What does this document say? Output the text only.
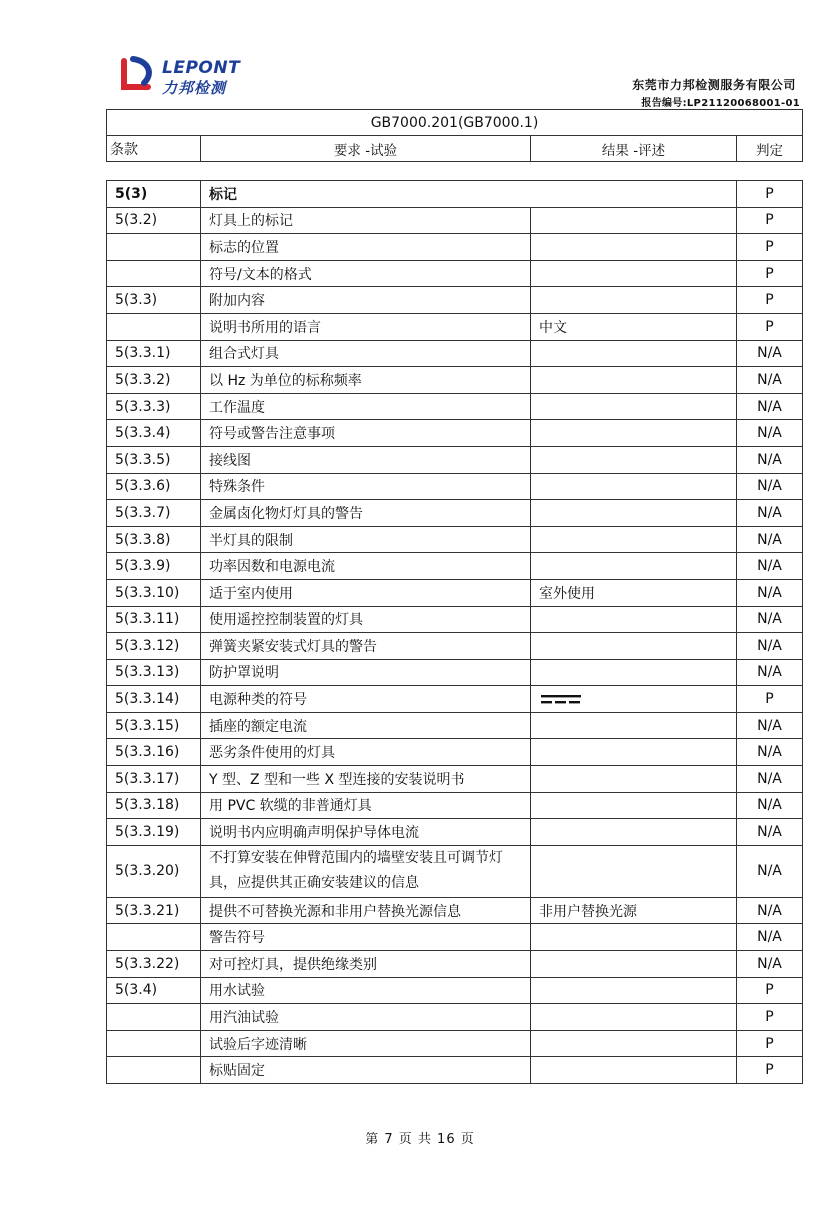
LEPONT
力邦检测	东莞市力邦检测服务有限公司
报告编号:LP21120068001-01
GB7000.201(GB7000.1)
条款	要求 -试验	结果 -评述	判定
5(3)	标记		P
5(3.2)	灯具上的标记		P
	标志的位置		P
	符号/文本的格式		P
5(3.3)	附加内容		P
	说明书所用的语言	中文	P
5(3.3.1)	组合式灯具		N/A
5(3.3.2)	以 Hz 为单位的标称频率		N/A
5(3.3.3)	工作温度		N/A
5(3.3.4)	符号或警告注意事项		N/A
5(3.3.5)	接线图		N/A
5(3.3.6)	特殊条件		N/A
5(3.3.7)	金属卤化物灯灯具的警告		N/A
5(3.3.8)	半灯具的限制		N/A
5(3.3.9)	功率因数和电源电流		N/A
5(3.3.10)	适于室内使用	室外使用	N/A
5(3.3.11)	使用遥控控制装置的灯具		N/A
5(3.3.12)	弹簧夹紧安装式灯具的警告		N/A
5(3.3.13)	防护罩说明		N/A
5(3.3.14)	电源种类的符号		P
5(3.3.15)	插座的额定电流		N/A
5(3.3.16)	恶劣条件使用的灯具		N/A
5(3.3.17)	Y 型、Z 型和一些 X 型连接的安装说明书		N/A
5(3.3.18)	用 PVC 软缆的非普通灯具		N/A
5(3.3.19)	说明书内应明确声明保护导体电流		N/A
5(3.3.20)	不打算安装在伸臂范围内的墙壁安装且可调节灯具，应提供其正确安装建议的信息		N/A
5(3.3.21)	提供不可替换光源和非用户替换光源信息	非用户替换光源	N/A
	警告符号		N/A
5(3.3.22)	对可控灯具，提供绝缘类别		N/A
5(3.4)	用水试验		P
	用汽油试验		P
	试验后字迹清晰		P
	标贴固定		P
第 7 页 共 16 页
